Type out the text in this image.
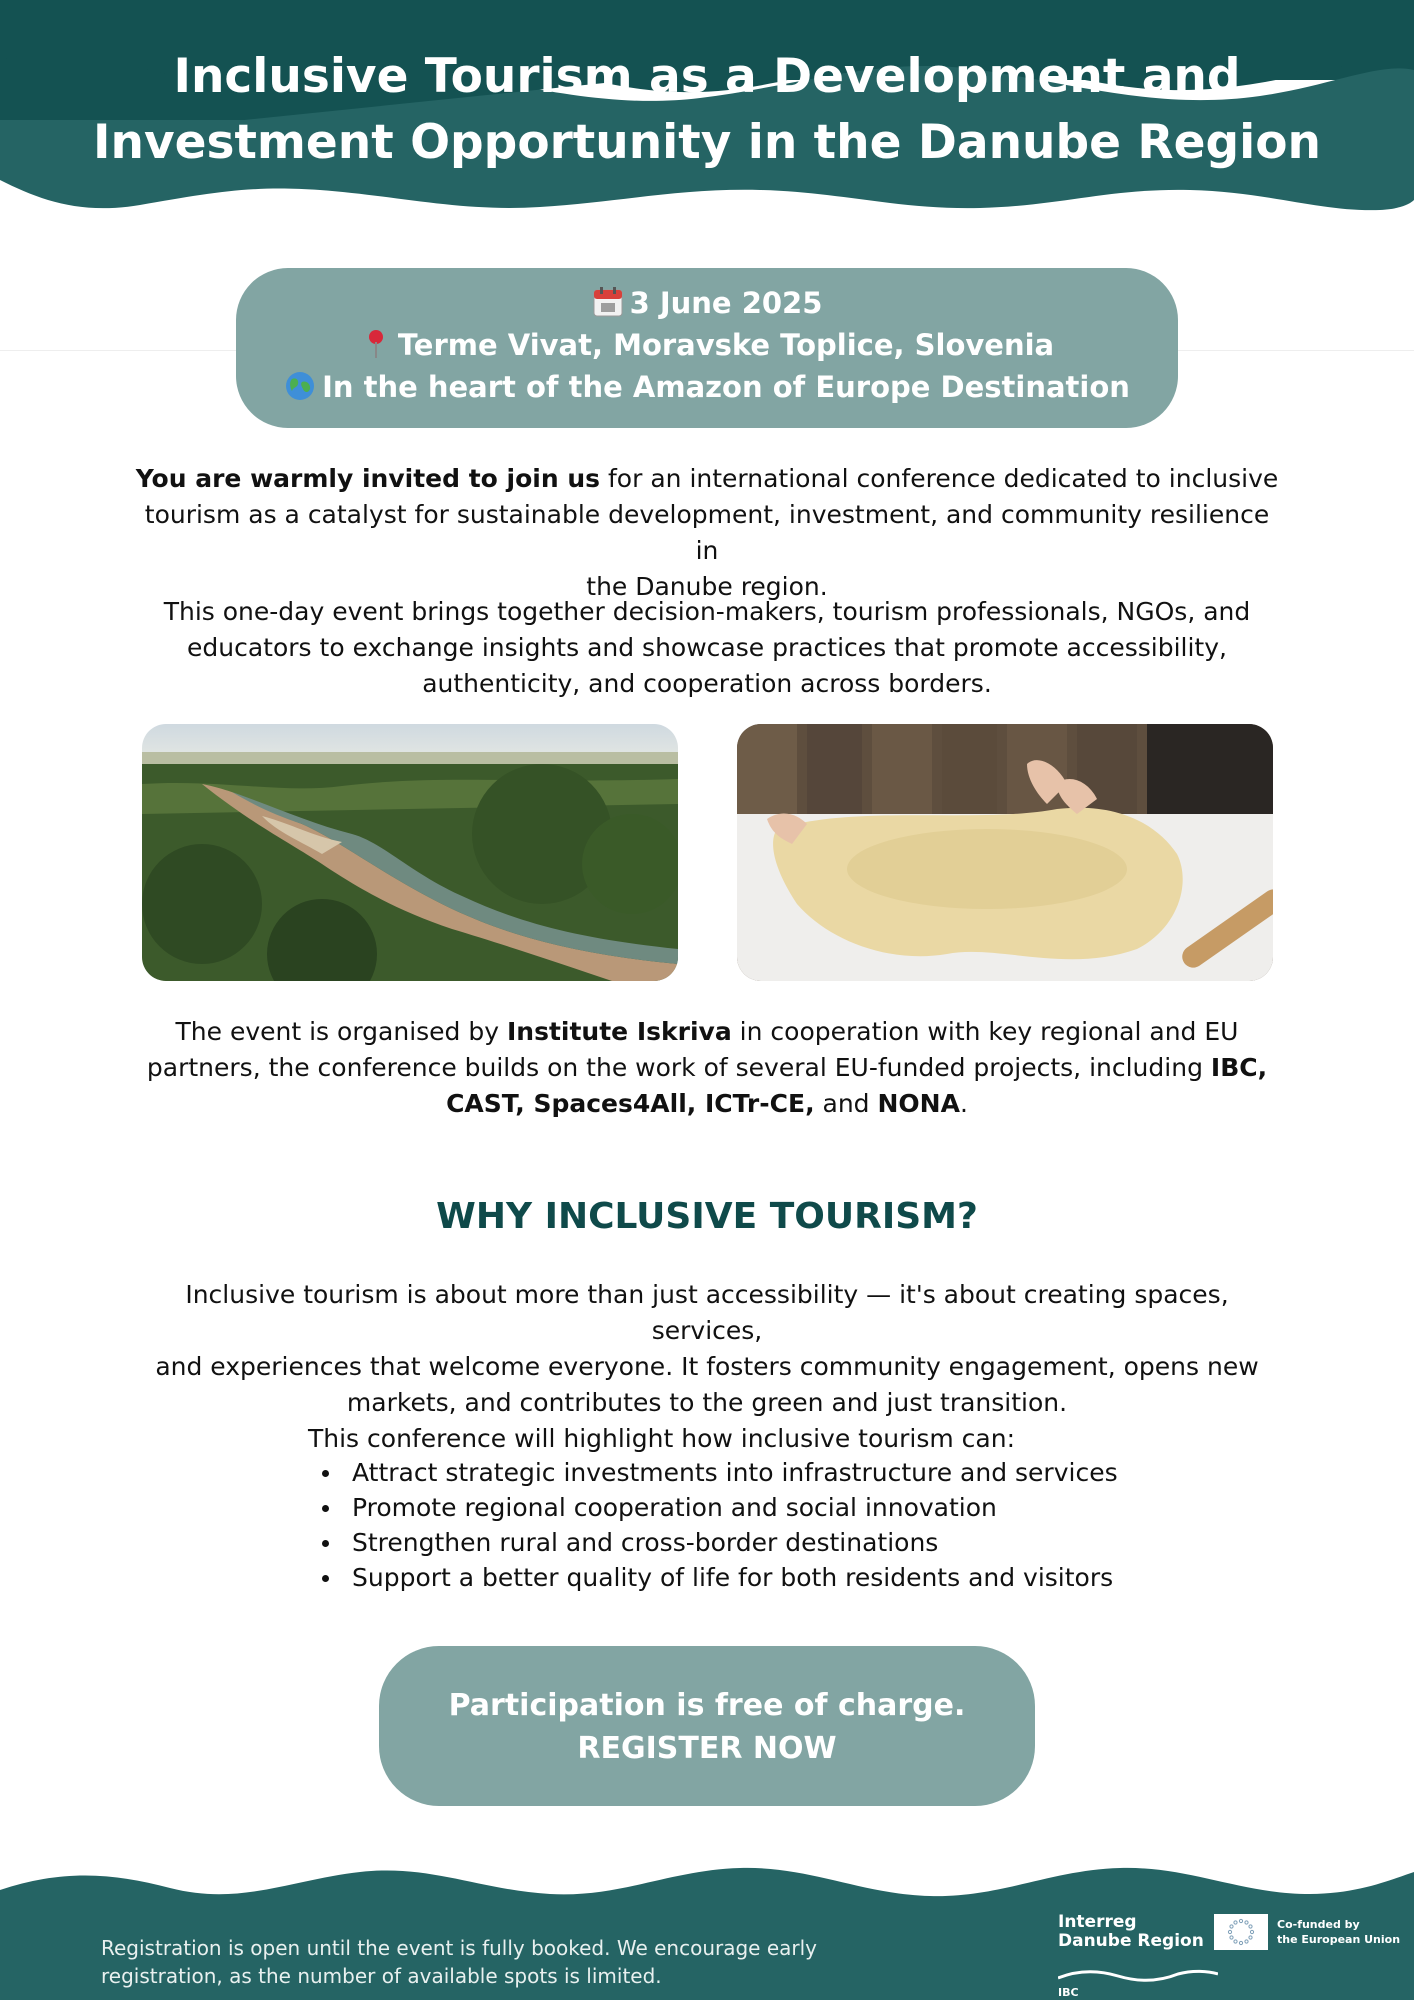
Inclusive Tourism as a Development and
Investment Opportunity in the Danube Region
3 June 2025
Terme Vivat, Moravske Toplice, Slovenia
In the heart of the Amazon of Europe Destination
You are warmly invited to join us for an international conference dedicated to inclusive
tourism as a catalyst for sustainable development, investment, and community resilience in
the Danube region.
This one-day event brings together decision-makers, tourism professionals, NGOs, and
educators to exchange insights and showcase practices that promote accessibility,
authenticity, and cooperation across borders.
The event is organised by Institute Iskriva in cooperation with key regional and EU
partners, the conference builds on the work of several EU-funded projects, including IBC,
CAST, Spaces4All, ICTr-CE, and NONA.
WHY INCLUSIVE TOURISM?
Inclusive tourism is about more than just accessibility — it's about creating spaces, services,
and experiences that welcome everyone. It fosters community engagement, opens new
markets, and contributes to the green and just transition.
This conference will highlight how inclusive tourism can:
Attract strategic investments into infrastructure and services
Promote regional cooperation and social innovation
Strengthen rural and cross-border destinations
Support a better quality of life for both residents and visitors
Participation is free of charge.
REGISTER NOW
Registration is open until the event is fully booked. We encourage early
registration, as the number of available spots is limited.
Interreg
Danube Region
IBC
Co-funded by
the European Union
